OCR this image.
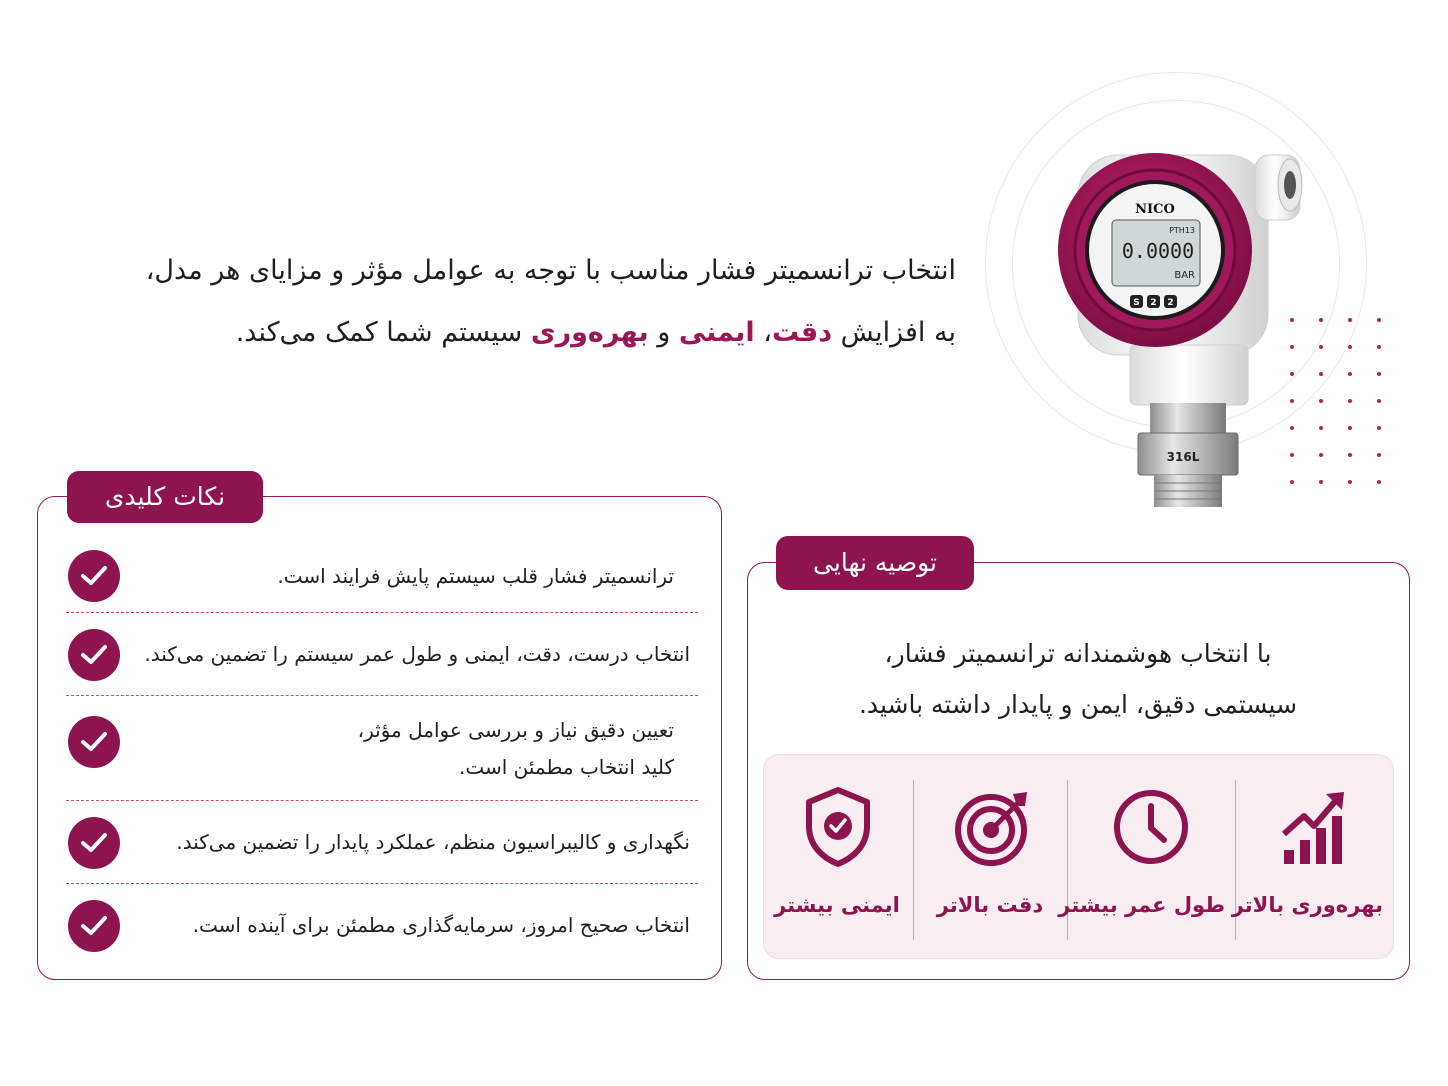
انتخاب ترانسمیتر فشار مناسب با توجه به عوامل مؤثر و مزایای هر مدل،
به افزایش دقت، ایمنی و بهره‌وری سیستم شما کمک می‌کند.
316L
NICO
PTH13
0.0000
BAR
S 2 2
نکات کلیدی
ترانسمیتر فشار قلب سیستم پایش فرایند است.
انتخاب درست، دقت، ایمنی و طول عمر سیستم را تضمین می‌کند.
تعیین دقیق نیاز و بررسی عوامل مؤثر،
کلید انتخاب مطمئن است.
نگهداری و کالیبراسیون منظم، عملکرد پایدار را تضمین می‌کند.
انتخاب صحیح امروز، سرمایه‌گذاری مطمئن برای آینده است.
توصیه نهایی
با انتخاب هوشمندانه ترانسمیتر فشار،
سیستمی دقیق، ایمن و پایدار داشته باشید.
بهره‌وری بالاتر
طول عمر بیشتر
دقت بالاتر
ایمنی بیشتر
